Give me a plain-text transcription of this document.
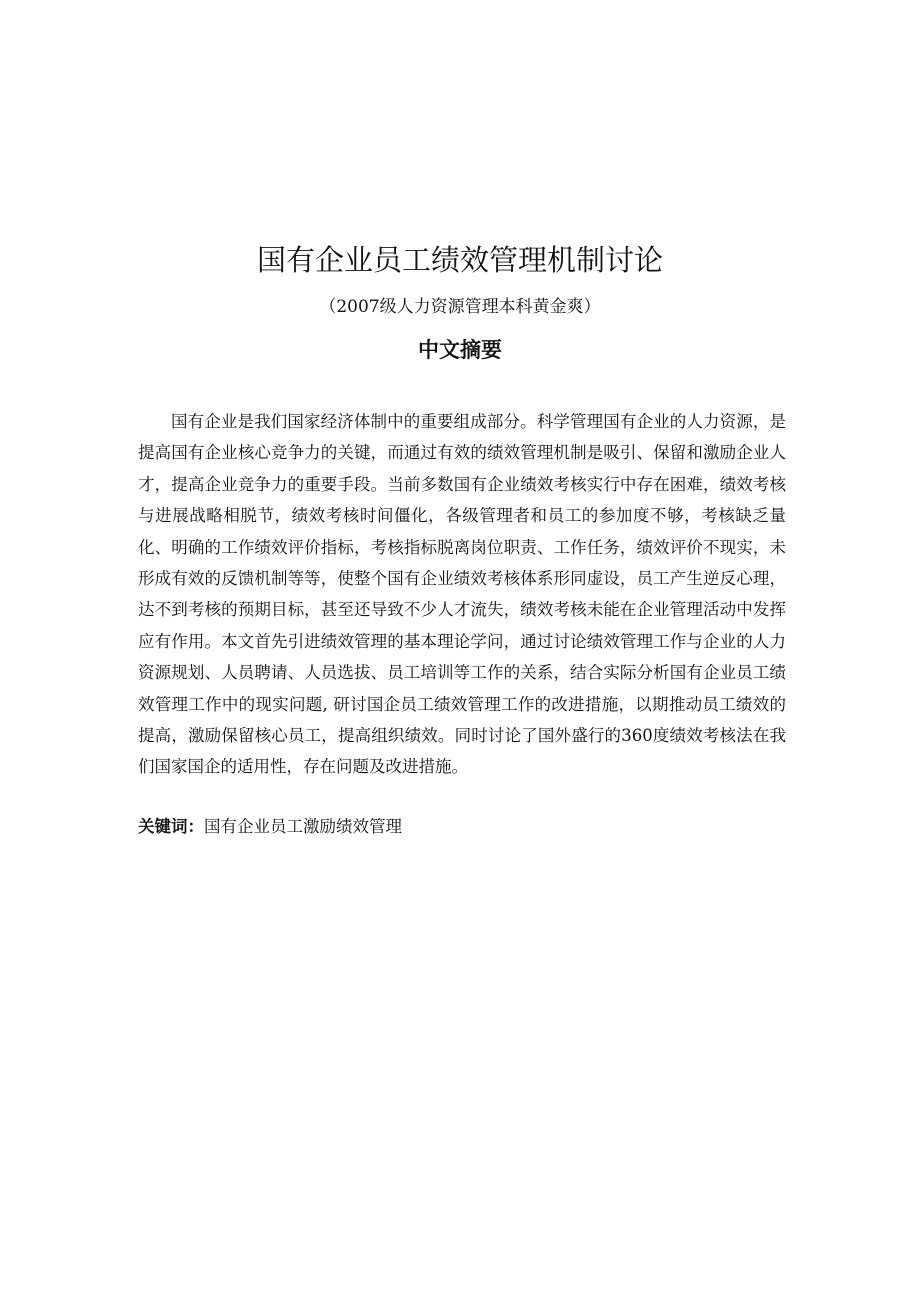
国有企业员工绩效管理机制讨论
（2007级人力资源管理本科黄金爽）
中文摘要

国有企业是我们国家经济体制中的重要组成部分。科学管理国有企业的人力资源，是提高国有企业核心竞争力的关键，而通过有效的绩效管理机制是吸引、保留和激励企业人才，提高企业竞争力的重要手段。当前多数国有企业绩效考核实行中存在困难，绩效考核与进展战略相脱节，绩效考核时间僵化，各级管理者和员工的参加度不够，考核缺乏量化、明确的工作绩效评价指标，考核指标脱离岗位职责、工作任务，绩效评价不现实，未形成有效的反馈机制等等，使整个国有企业绩效考核体系形同虚设，员工产生逆反心理，达不到考核的预期目标，甚至还导致不少人才流失，绩效考核未能在企业管理活动中发挥应有作用。本文首先引进绩效管理的基本理论学问，通过讨论绩效管理工作与企业的人力资源规划、人员聘请、人员选拔、员工培训等工作的关系，结合实际分析国有企业员工绩效管理工作中的现实问题, 研讨国企员工绩效管理工作的改进措施，以期推动员工绩效的提高，激励保留核心员工，提高组织绩效。同时讨论了国外盛行的360度绩效考核法在我们国家国企的适用性，存在问题及改进措施。

关键词：国有企业员工激励绩效管理
